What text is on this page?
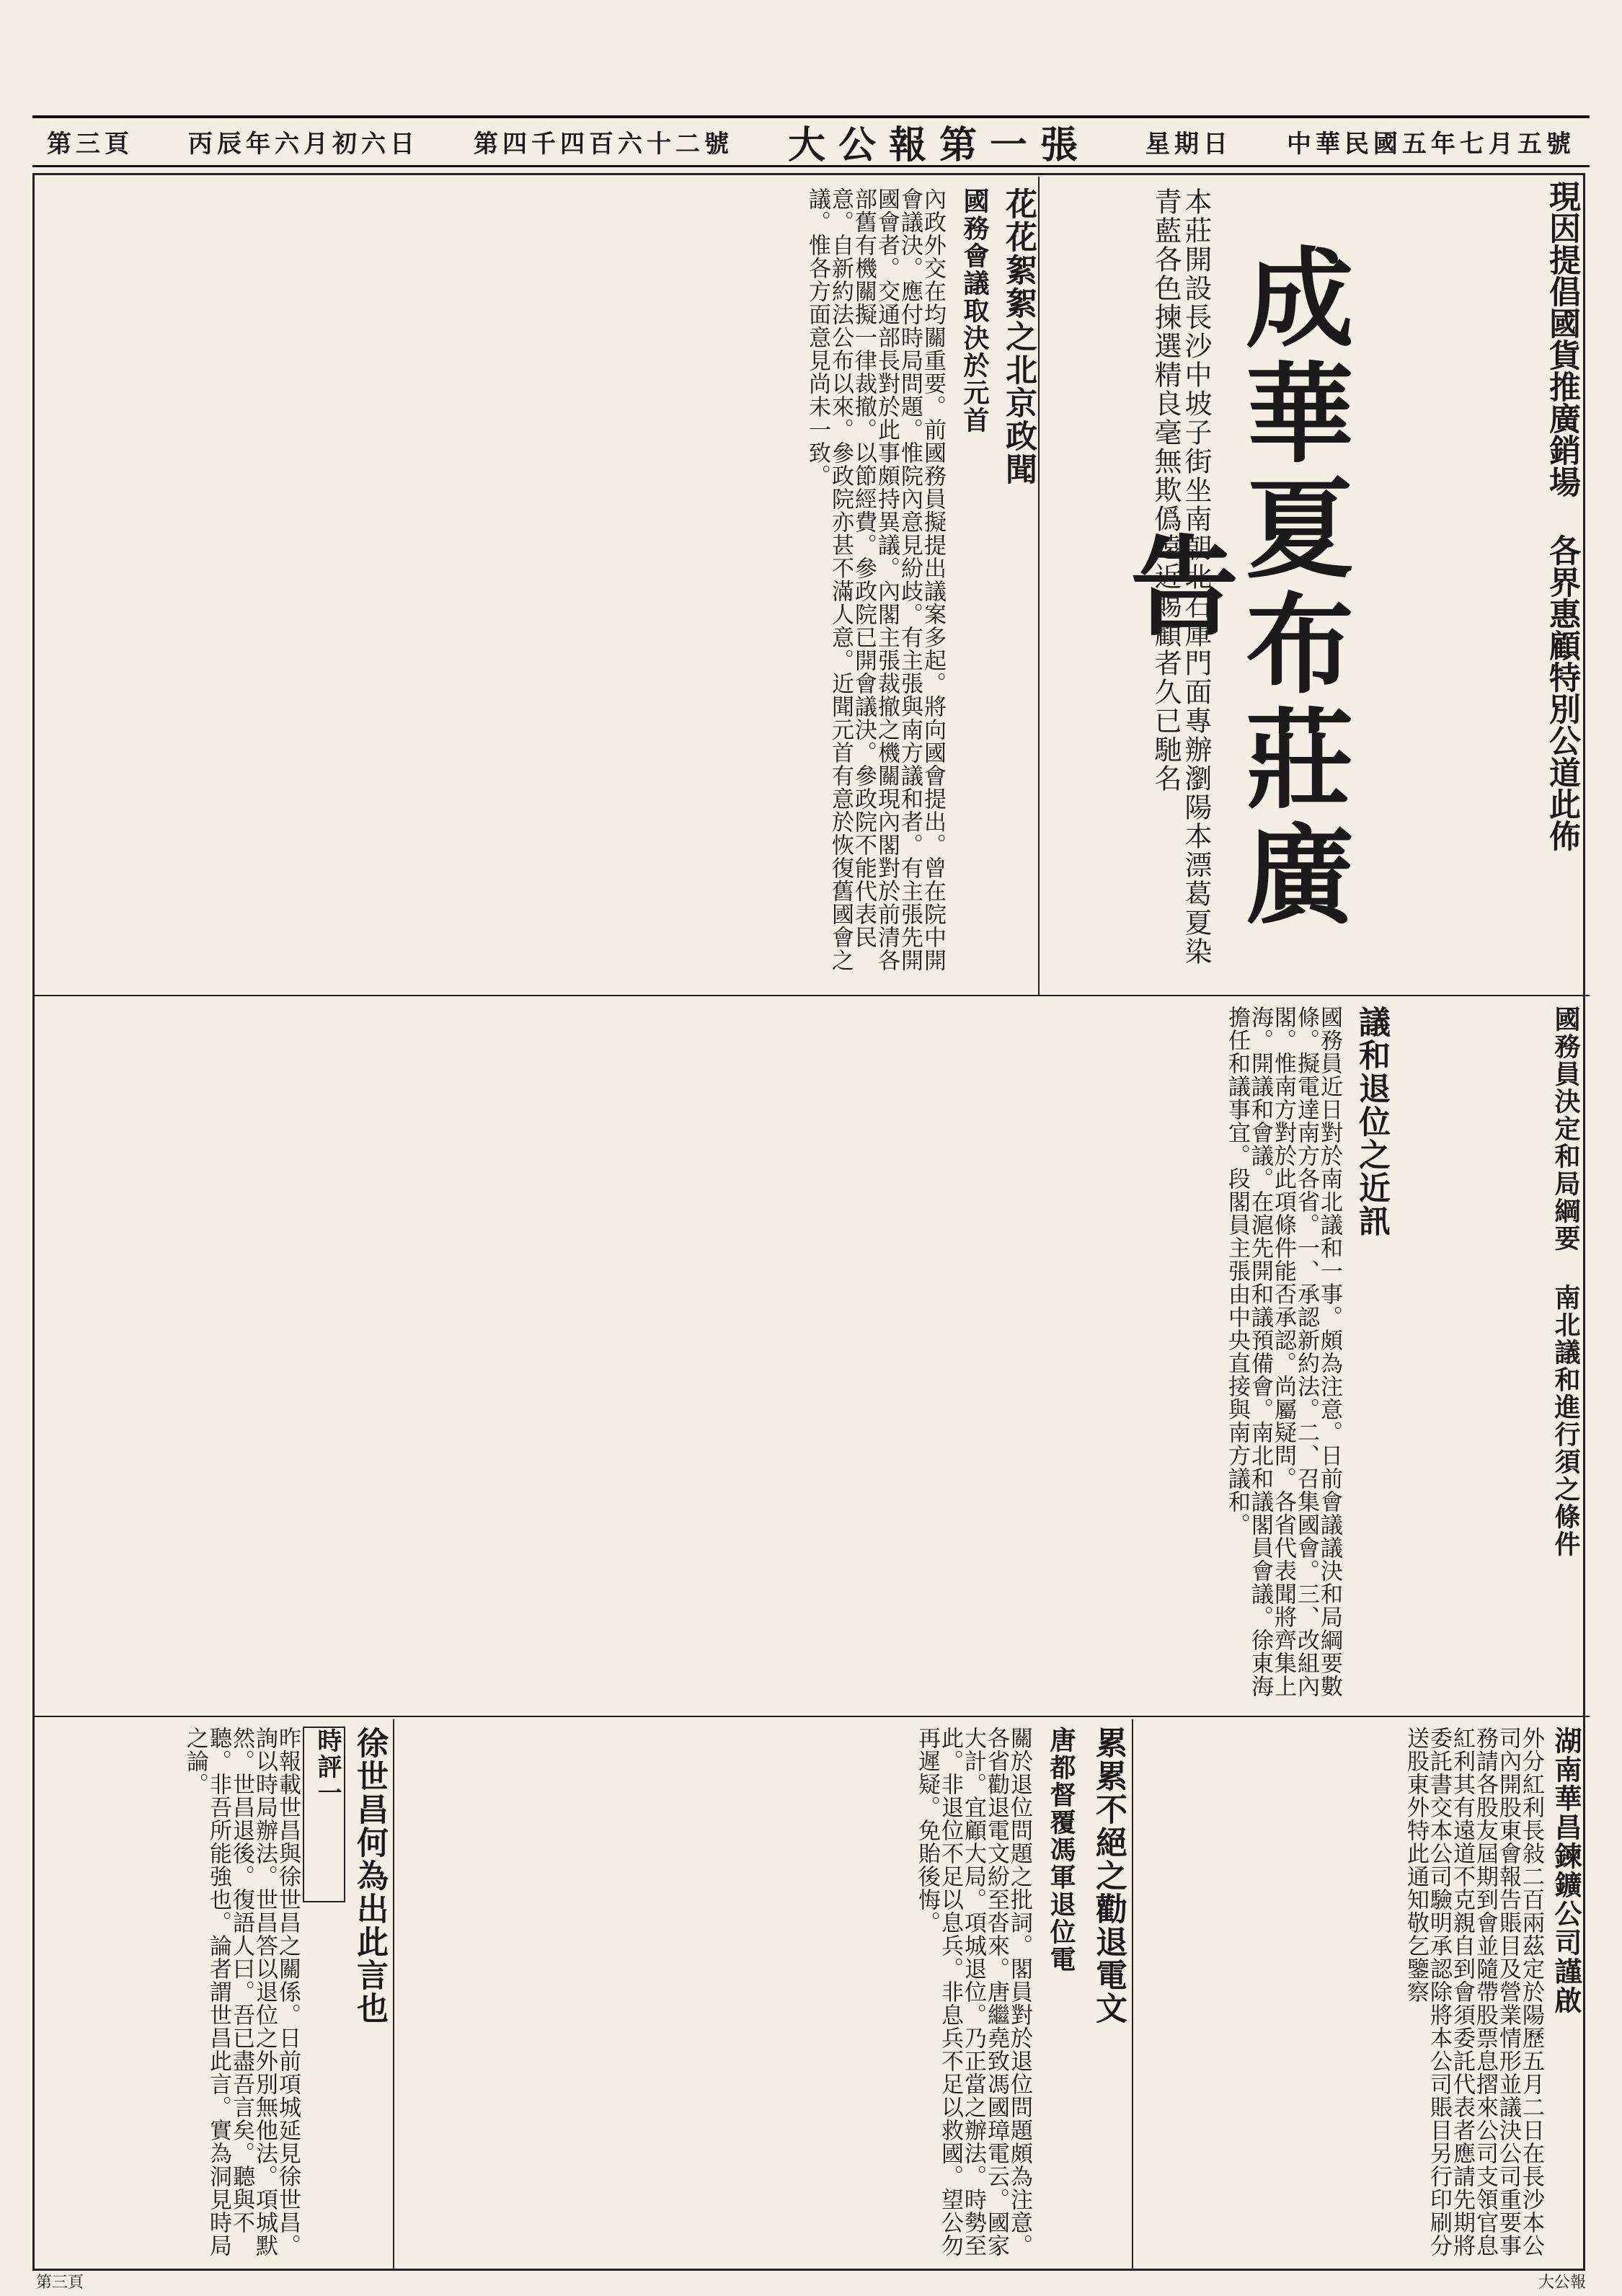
第三頁 丙辰年六月初六日 第四千四百六十二號 大公報第一張 星期日 中華民國五年七月五號
現因提倡國貨推廣銷場 各界惠顧特別公道此佈
成華夏布莊廣告
本莊開設長沙中坡子街坐南朝北石庫門面專辦瀏陽本漂葛夏染青藍各色揀選精良毫無欺僞遠近賜顧者久已馳名
花花絮絮之北京政聞
國務會議取決於元首
內政外交在均關重要。前國務員擬提出議案多起。將向國會提出。曾在院中開會議決。應付時局問題。惟院內意見紛歧。有主張與南方議和者。有主張先開國會者。交通部長對於此事頗持異議。內閣主張裁撤之機關現內閣對於前清各部舊有機關擬一律裁撤。以節經費。參政院已開會議決。參政院不能代表民意。自新約法公布以來。參政院亦甚不滿人意。近聞元首有意於恢復舊國會之議。惟各方面意見尚未一致。
國務員近日對於南北議和一事。頗為注意。日前會議議決和局綱要數條。擬電達南方各省。一、承認新約法。二、召集國會。三、改組內閣。惟南方對於此項條件能否承認。尚屬疑問。各省代表聞將齊集上海。開議和會議。在滬先開和議預備會。南北和議閣員會議。徐東海擔任和議事宜。段閣員主張由中央直接與南方議和。	議和退位之近訊	國務員決定和局綱要 南北議和進行須之條件
外分紅利長敍二百兩茲定於陽歷五月二日在長沙本公司內開股東會報告賬目及營業情形並議決公司重要事務請各股友屆期到會並隨帶股票息摺來公司支領官息紅利其有遠道不克親自到會須委託代表者應請先期將委託書交本公司驗明承認除將本公司賬目另行印刷分送股東外特此通知敬乞鑒察	湖南華昌鍊鑛公司謹啟
累累不絕之勸退電文
唐都督覆馮軍退位電
關於退位問題之批詞。閣員對於退位問題頗為注意。各省勸退電文紛至沓來。唐繼堯致馮國璋電云。國家大計。宜顧大局。項城退位。乃正當之辦法。時勢至此。非退位不足以息兵。非息兵不足以救國。望公勿再遲疑。免貽後悔。
徐世昌何為出此言也
時評一
昨報載世昌與徐世昌之關係。日前項城延見徐世昌。詢以時局辦法。世昌答以退位之外別無他法。項城默然。世昌退後。復語人曰。吾已盡吾言矣。聽與不聽。非吾所能強也。論者謂世昌此言。實為洞見時局之論。
第三頁	大公報
